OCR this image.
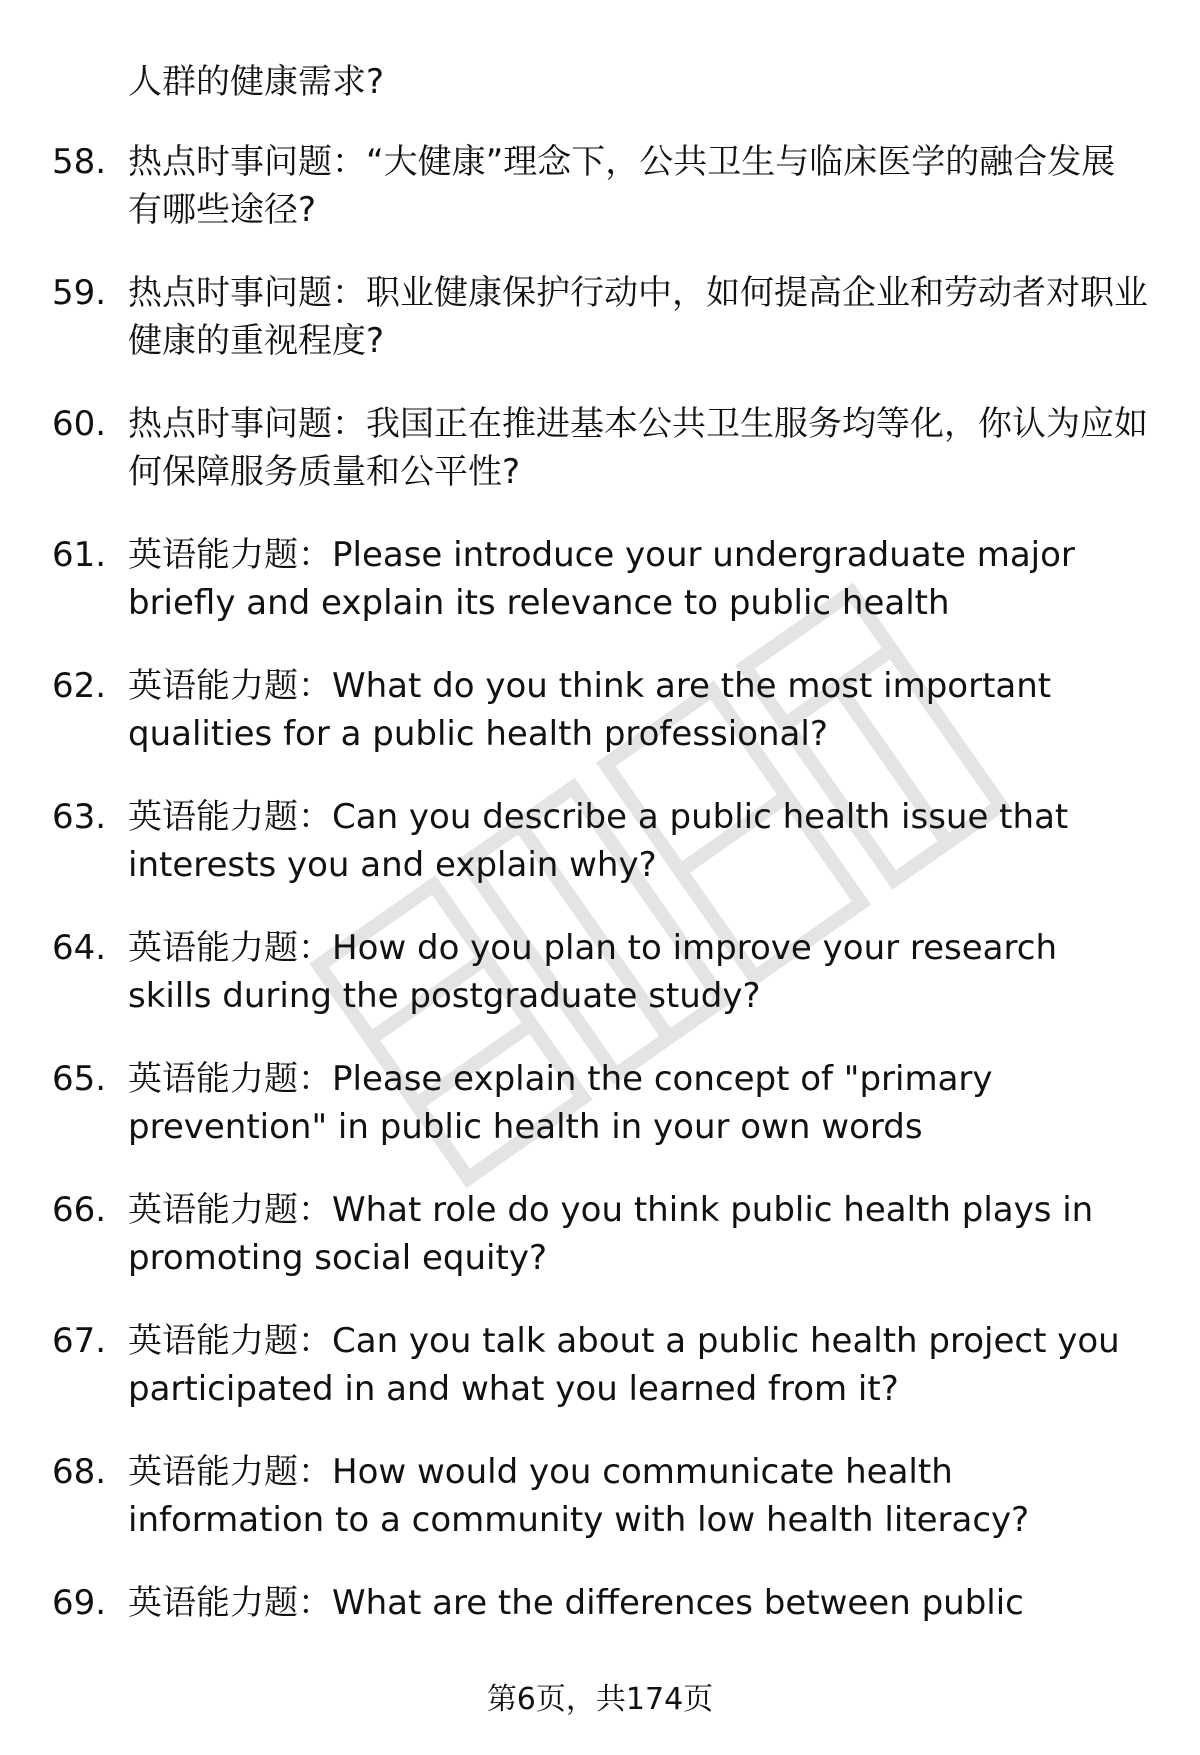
人群的健康需求?

58. 热点时事问题：“大健康”理念下，公共卫生与临床医学的融合发展有哪些途径?
59. 热点时事问题：职业健康保护行动中，如何提高企业和劳动者对职业健康的重视程度?
60. 热点时事问题：我国正在推进基本公共卫生服务均等化，你认为应如何保障服务质量和公平性?
61. 英语能力题：Please introduce your undergraduate major briefly and explain its relevance to public health
62. 英语能力题：What do you think are the most important qualities for a public health professional?
63. 英语能力题：Can you describe a public health issue that interests you and explain why?
64. 英语能力题：How do you plan to improve your research skills during the postgraduate study?
65. 英语能力题：Please explain the concept of "primary prevention" in public health in your own words
66. 英语能力题：What role do you think public health plays in promoting social equity?
67. 英语能力题：Can you talk about a public health project you participated in and what you learned from it?
68. 英语能力题：How would you communicate health information to a community with low health literacy?
69. 英语能力题：What are the differences between public
第6页，共174页
